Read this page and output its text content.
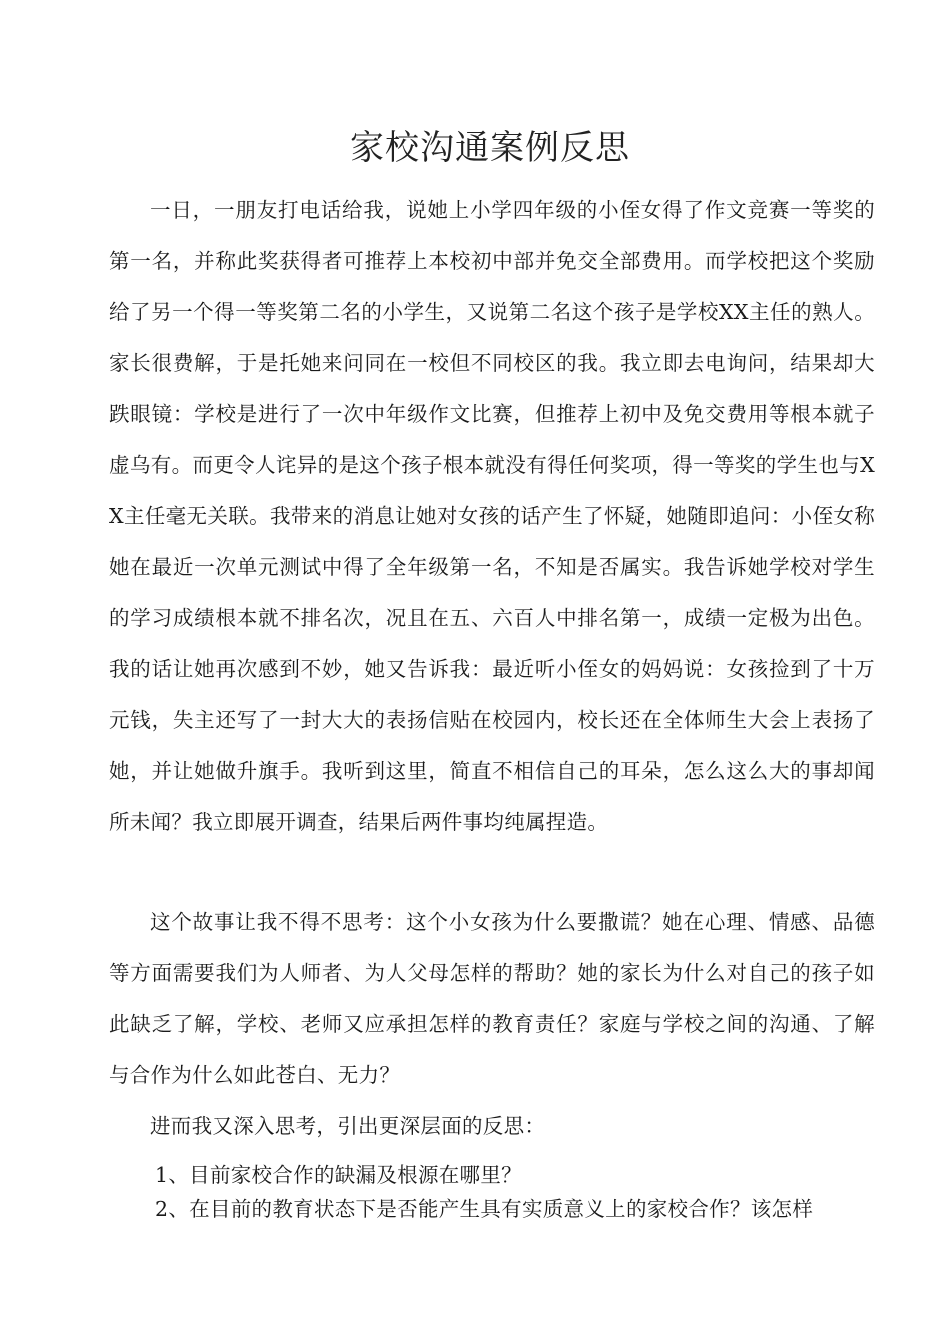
家校沟通案例反思

一日，一朋友打电话给我，说她上小学四年级的小侄女得了作文竞赛一等奖的第一名，并称此奖获得者可推荐上本校初中部并免交全部费用。而学校把这个奖励给了另一个得一等奖第二名的小学生，又说第二名这个孩子是学校XX主任的熟人。家长很费解，于是托她来问同在一校但不同校区的我。我立即去电询问，结果却大跌眼镜：学校是进行了一次中年级作文比赛，但推荐上初中及免交费用等根本就子虚乌有。而更令人诧异的是这个孩子根本就没有得任何奖项，得一等奖的学生也与XX主任毫无关联。我带来的消息让她对女孩的话产生了怀疑，她随即追问：小侄女称她在最近一次单元测试中得了全年级第一名，不知是否属实。我告诉她学校对学生的学习成绩根本就不排名次，况且在五、六百人中排名第一，成绩一定极为出色。我的话让她再次感到不妙，她又告诉我：最近听小侄女的妈妈说：女孩捡到了十万元钱，失主还写了一封大大的表扬信贴在校园内，校长还在全体师生大会上表扬了她，并让她做升旗手。我听到这里，简直不相信自己的耳朵，怎么这么大的事却闻所未闻？我立即展开调查，结果后两件事均纯属捏造。

这个故事让我不得不思考：这个小女孩为什么要撒谎？她在心理、情感、品德等方面需要我们为人师者、为人父母怎样的帮助？她的家长为什么对自己的孩子如此缺乏了解，学校、老师又应承担怎样的教育责任？家庭与学校之间的沟通、了解与合作为什么如此苍白、无力？

进而我又深入思考，引出更深层面的反思：

1、目前家校合作的缺漏及根源在哪里？
2、在目前的教育状态下是否能产生具有实质意义上的家校合作？该怎样
